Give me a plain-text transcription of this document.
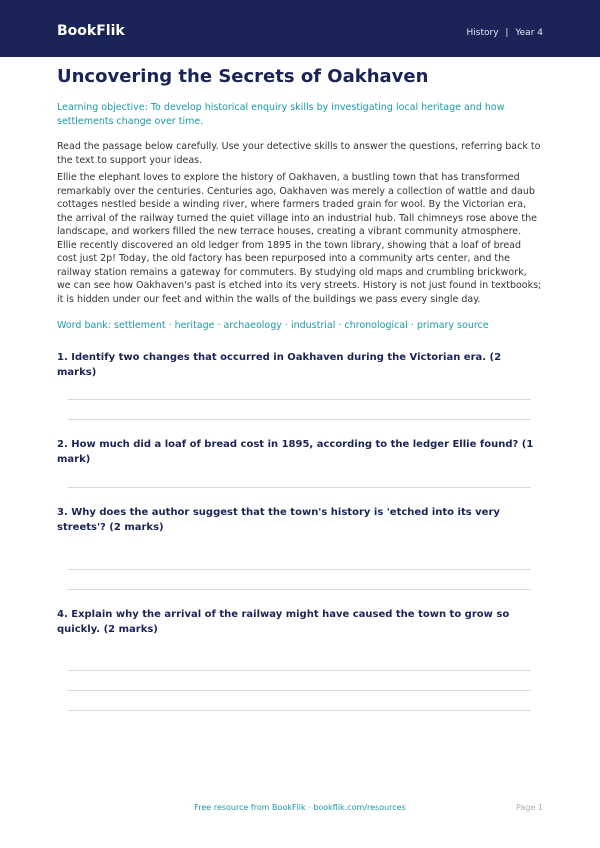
BookFlik	History | Year 4
Uncovering the Secrets of Oakhaven

Learning objective: To develop historical enquiry skills by investigating local heritage and how settlements change over time.

Read the passage below carefully. Use your detective skills to answer the questions, referring back to the text to support your ideas.

Ellie the elephant loves to explore the history of Oakhaven, a bustling town that has transformed remarkably over the centuries. Centuries ago, Oakhaven was merely a collection of wattle and daub cottages nestled beside a winding river, where farmers traded grain for wool. By the Victorian era, the arrival of the railway turned the quiet village into an industrial hub. Tall chimneys rose above the landscape, and workers filled the new terrace houses, creating a vibrant community atmosphere. Ellie recently discovered an old ledger from 1895 in the town library, showing that a loaf of bread cost just 2p! Today, the old factory has been repurposed into a community arts center, and the railway station remains a gateway for commuters. By studying old maps and crumbling brickwork, we can see how Oakhaven's past is etched into its very streets. History is not just found in textbooks; it is hidden under our feet and within the walls of the buildings we pass every single day.

Word bank: settlement · heritage · archaeology · industrial · chronological · primary source

1. Identify two changes that occurred in Oakhaven during the Victorian era. (2 marks)

2. How much did a loaf of bread cost in 1895, according to the ledger Ellie found? (1 mark)

3. Why does the author suggest that the town's history is 'etched into its very streets'? (2 marks)

4. Explain why the arrival of the railway might have caused the town to grow so quickly. (2 marks)

Free resource from BookFlik · bookflik.com/resources	Page 1
